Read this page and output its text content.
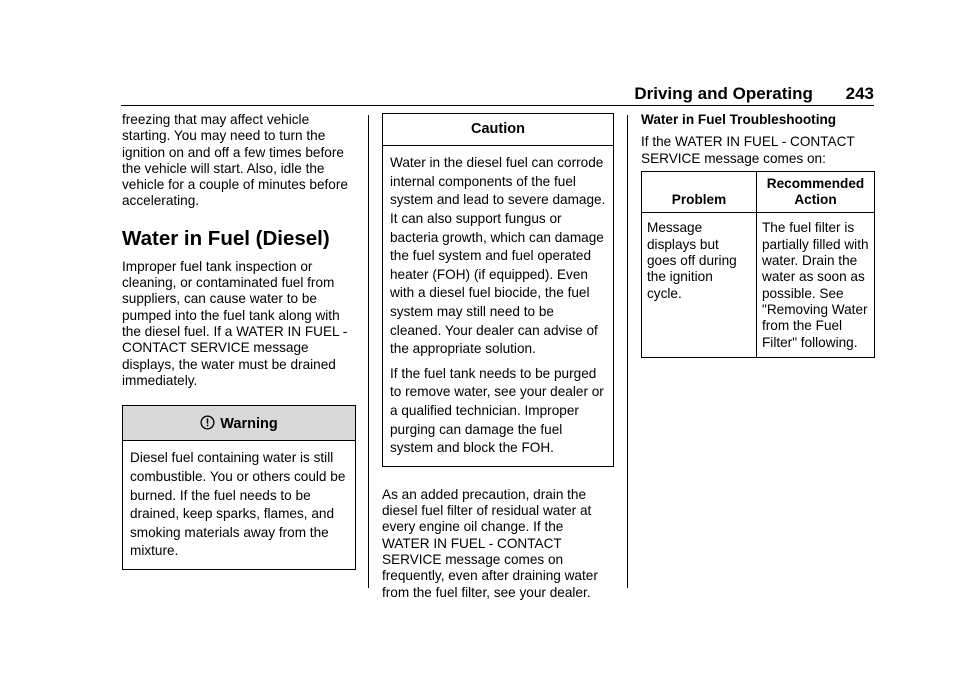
Driving and Operating 243

freezing that may affect vehicle starting. You may need to turn the ignition on and off a few times before the vehicle will start. Also, idle the vehicle for a couple of minutes before accelerating.

Water in Fuel (Diesel)

Improper fuel tank inspection or cleaning, or contaminated fuel from suppliers, can cause water to be pumped into the fuel tank along with the diesel fuel. If a WATER IN FUEL - CONTACT SERVICE message displays, the water must be drained immediately.

Warning

Diesel fuel containing water is still combustible. You or others could be burned. If the fuel needs to be drained, keep sparks, flames, and smoking materials away from the mixture.

Caution

Water in the diesel fuel can corrode internal components of the fuel system and lead to severe damage. It can also support fungus or bacteria growth, which can damage the fuel system and fuel operated heater (FOH) (if equipped). Even with a diesel fuel biocide, the fuel system may still need to be cleaned. Your dealer can advise of the appropriate solution.

If the fuel tank needs to be purged to remove water, see your dealer or a qualified technician. Improper purging can damage the fuel system and block the FOH.

As an added precaution, drain the diesel fuel filter of residual water at every engine oil change. If the WATER IN FUEL - CONTACT SERVICE message comes on frequently, even after draining water from the fuel filter, see your dealer.

Water in Fuel Troubleshooting

If the WATER IN FUEL - CONTACT SERVICE message comes on:

Problem	Recommended Action
Message displays but goes off during the ignition cycle.	The fuel filter is partially filled with water. Drain the water as soon as possible. See "Removing Water from the Fuel Filter" following.
